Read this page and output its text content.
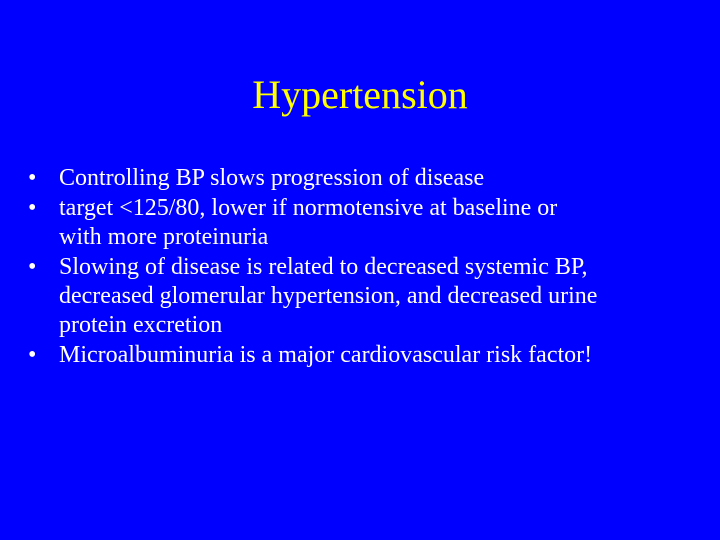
Hypertension
• Controlling BP slows progression of disease
• target <125/80, lower if normotensive at baseline or
with more proteinuria
• Slowing of disease is related to decreased systemic BP,
decreased glomerular hypertension, and decreased urine
protein excretion
• Microalbuminuria is a major cardiovascular risk factor!
